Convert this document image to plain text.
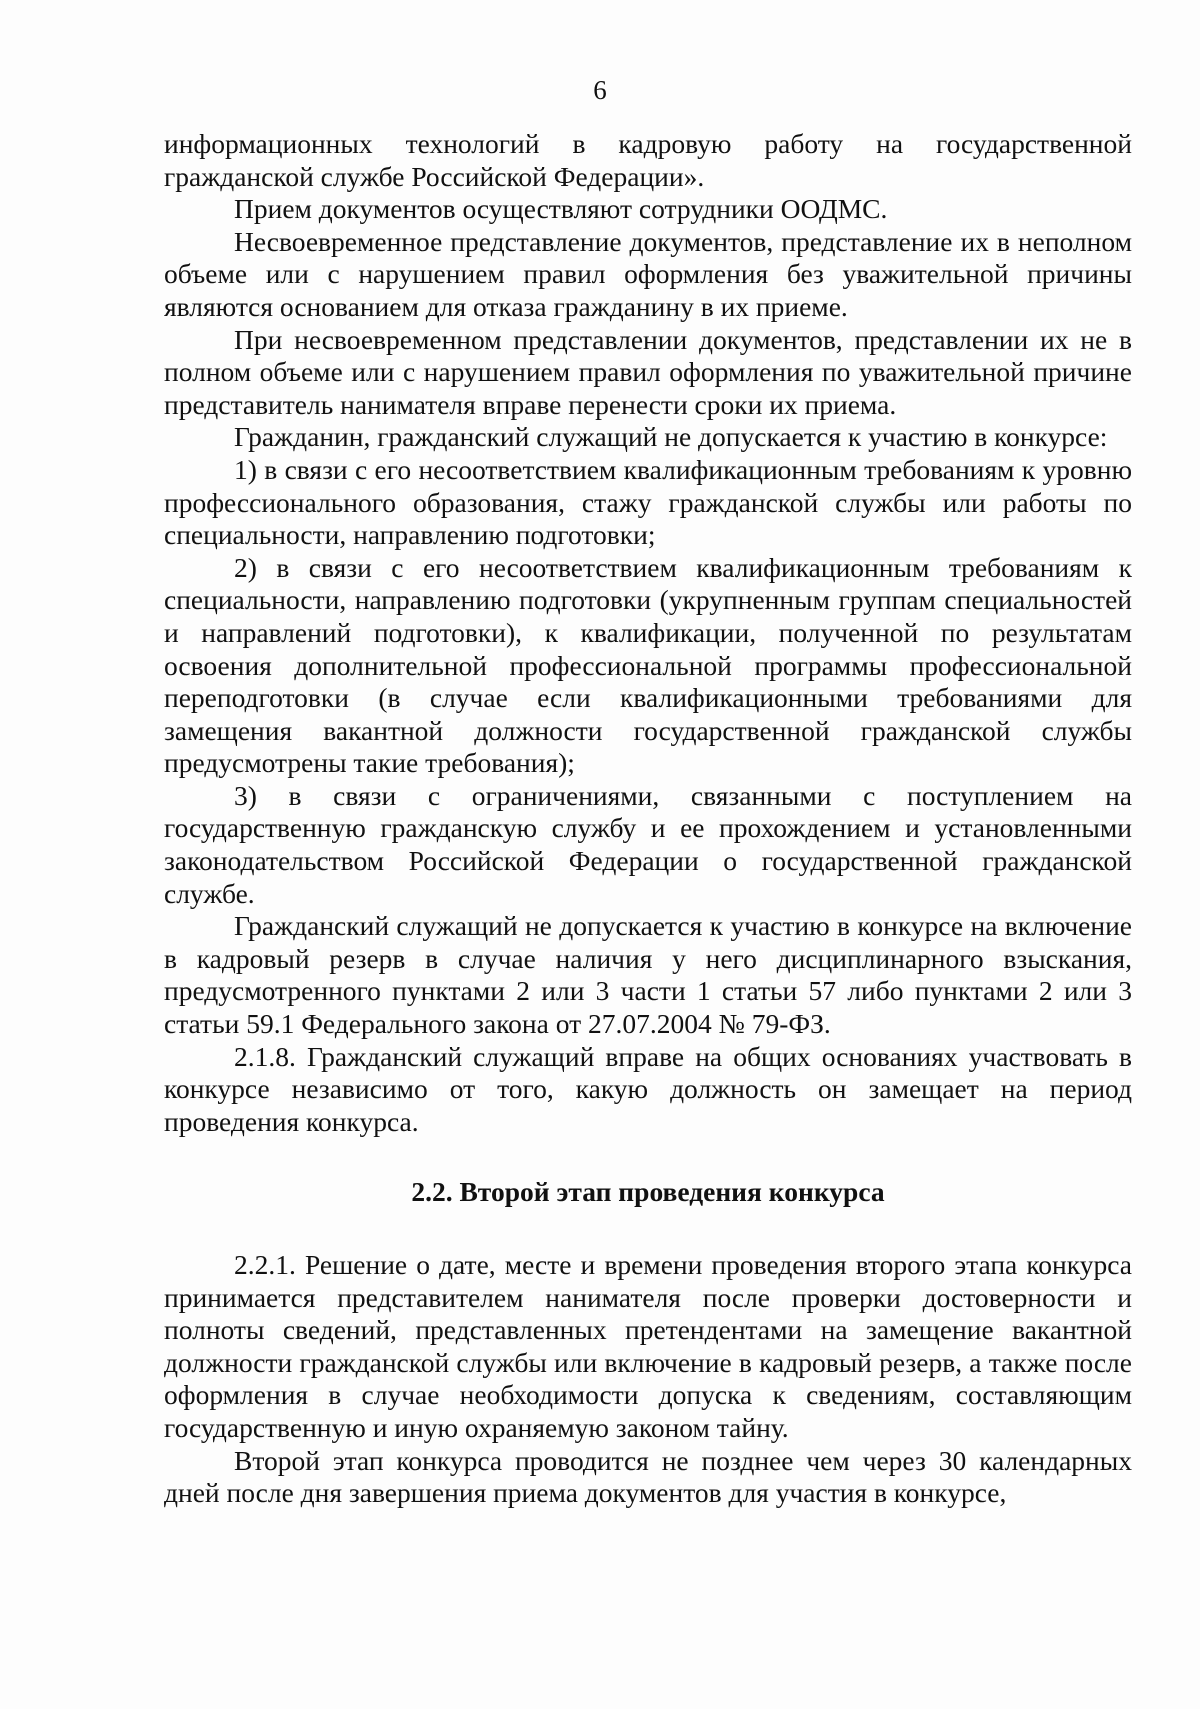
6

информационных технологий в кадровую работу на государственной гражданской службе Российской Федерации».

Прием документов осуществляют сотрудники ООДМС.

Несвоевременное представление документов, представление их в неполном объеме или с нарушением правил оформления без уважительной причины являются основанием для отказа гражданину в их приеме.

При несвоевременном представлении документов, представлении их не в полном объеме или с нарушением правил оформления по уважительной причине представитель нанимателя вправе перенести сроки их приема.

Гражданин, гражданский служащий не допускается к участию в конкурсе:

1) в связи с его несоответствием квалификационным требованиям к уровню профессионального образования, стажу гражданской службы или работы по специальности, направлению подготовки;

2) в связи с его несоответствием квалификационным требованиям к специальности, направлению подготовки (укрупненным группам специальностей и направлений подготовки), к квалификации, полученной по результатам освоения дополнительной профессиональной программы профессиональной переподготовки (в случае если квалификационными требованиями для замещения вакантной должности государственной гражданской службы предусмотрены такие требования);

3) в связи с ограничениями, связанными с поступлением на государственную гражданскую службу и ее прохождением и установленными законодательством Российской Федерации о государственной гражданской службе.

Гражданский служащий не допускается к участию в конкурсе на включение в кадровый резерв в случае наличия у него дисциплинарного взыскания, предусмотренного пунктами 2 или 3 части 1 статьи 57 либо пунктами 2 или 3 статьи 59.1 Федерального закона от 27.07.2004 № 79-ФЗ.

2.1.8. Гражданский служащий вправе на общих основаниях участвовать в конкурсе независимо от того, какую должность он замещает на период проведения конкурса.

2.2. Второй этап проведения конкурса

2.2.1. Решение о дате, месте и времени проведения второго этапа конкурса принимается представителем нанимателя после проверки достоверности и полноты сведений, представленных претендентами на замещение вакантной должности гражданской службы или включение в кадровый резерв, а также после оформления в случае необходимости допуска к сведениям, составляющим государственную и иную охраняемую законом тайну.

Второй этап конкурса проводится не позднее чем через 30 календарных дней после дня завершения приема документов для участия в конкурсе,
